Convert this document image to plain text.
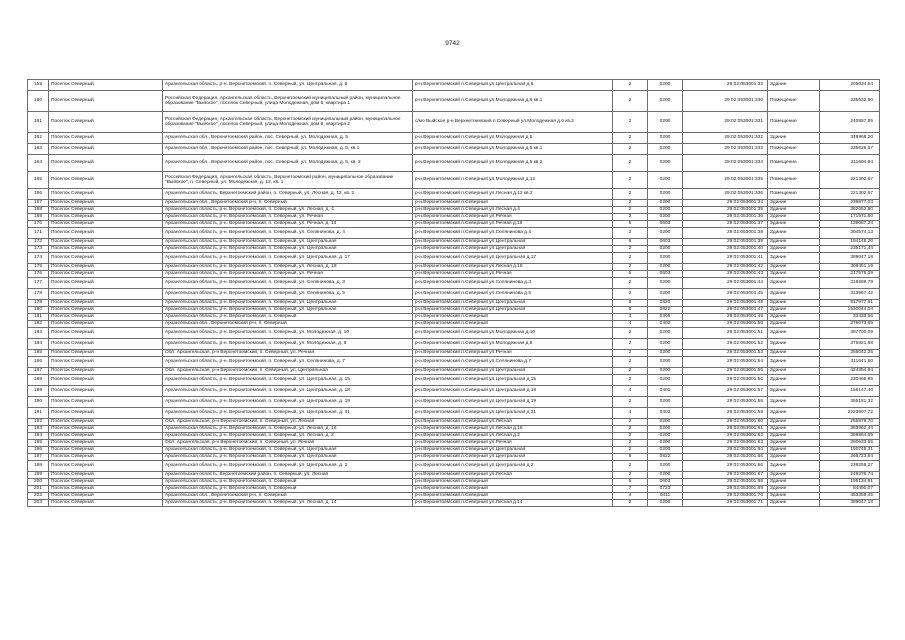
9742
159	Поселок Северный	Архангельская область, р-н. Верхнетоемский, п. Северный, ул. Центральная, д. 6	р-н.Верхнетоемский п.Северный ул.Центральная д.6	2	0200	29:02:053001:33	Здание	205034,54
160	Поселок Северный	Российская Федерация, Архангельская область, Верхнетоемский муниципальный район, муниципальное образование "Выйское", поселок Северный, улица Молодежная, дом 6, квартира 1	р-н.Верхнетоемский п.Северный ул.Молодежная д.6 кв.1	2	0200	29:02:053001:330	Помещение	235632,90
161	Поселок Северный	Российская Федерация, Архангельская область, Верхнетоемский муниципальный район, муниципальное образование "Выйское", поселок Северный, улица Молодежная, дом 6, квартира 2	с/мо Выйское р-н.Верхнетоемский п.Северный ул.Молодежная д.6 кв.2	2	0200	29:02:053001:331	Помещение	240887,85
162	Поселок Северный	Архангельская обл., Верхнетоемский район, пос. Северный, ул. Молодежная, д. 5	р-н.Верхнетоемский п.Северный ул.Молодежная д.5	2	0200	29:02:053001:332	Здание	348968,20
163	Поселок Северный	Архангельская обл., Верхнетоемский район, пос. Северный, ул. Молодежная, д. 5, кв.1	р-н.Верхнетоемский п.Северный ул.Молодежная д.5 кв.1	2	0200	29:02:053001:333	Помещение	235628,57
164	Поселок Северный	Архангельская обл., Верхнетоемский район, пос. Северный, ул. Молодежная, д. 5, кв. 2	р-н.Верхнетоемский п.Северный ул.Молодежная д.5 кв.2	2	0200	29:02:053001:334	Помещение	211604,84
165	Поселок Северный	Российская Федерация, Архангельская область, Верхнетоемский район, муниципальное образование "Выйское", п. Северный, ул. Молодежная, д. 12, кв. 1	р-н.Верхнетоемский п.Северный ул.Молодежная д.12	2	0200	29:02:053001:335	Помещение	221302,67
166	Поселок Северный	Архангельская область, Верхнетоемский район, п. Северный, ул. Лесная, д. 12, кв. 2	р-н.Верхнетоемский п.Северный ул.Лесная д.12 кв.2	2	0200	29:02:053001:336	Помещение	221302,67
167	Поселок Северный	Архангельская обл., Верхнетоемский р-н, п. Северный	р-н.Верхнетоемский п.Северный	2	0200	29:02:053001:34	Здание	239877,03
168	Поселок Северный	Архангельская область, р-н. Верхнетоемский, п. Северный, ул. Лесная, д. 4	р-н.Верхнетоемский п.Северный ул.Лесная д.4	2	0200	29:02:053001:35	Здание	362652,80
169	Поселок Северный	Архангельская область, р-н. Верхнетоемский, п. Северный, ул. Речная	р-н.Верхнетоемский п.Северный ул.Речная	2	0200	29:02:053001:36	Здание	171571,60
170	Поселок Северный	Архангельская область, р-н. Верхнетоемский, п. Северный, ул. Речная, д. 16	р-н.Верхнетоемский п.Северный ул.Речная д.16	6	0603	29:02:053001:37	Здание	139087,24
171	Поселок Северный	Архангельская область, р-н. Верхнетоемский, п. Северный, ул. Селянинова, д. 4	р-н.Верхнетоемский п.Северный ул.Селянинова д.4	2	0200	29:02:053001:38	Здание	304574,13
172	Поселок Северный	Архангельская область, р-н. Верхнетоемский, п. Северный, ул. Центральная	р-н.Верхнетоемский п.Северный ул.Центральная	6	0603	29:02:053001:39	Здание	194148,20
173	Поселок Северный	Архангельская область, р-н. Верхнетоемский, п. Северный, ул. Центральная	р-н.Верхнетоемский п.Северный ул.Центральная	2	0200	29:02:053001:40	Здание	235171,44
174	Поселок Северный	Архангельская область, р-н. Верхнетоемский, п. Северный, ул. Центральная, д. 17	р-н.Верхнетоемский п.Северный ул.Центральная д.17	2	0200	29:02:053001:41	Здание	389047,18
175	Поселок Северный	Архангельская область, р-н. Верхнетоемский, п. Северный, ул. Лесная, д. 18	р-н.Верхнетоемский п.Северный ул.Лесная д.18	2	0200	29:02:053001:42	Здание	366451,19
176	Поселок Северный	Архангельская область, р-н. Верхнетоемский, п. Северный, ул. Речная	р-н.Верхнетоемский п.Северный ул.Речная	6	0603	29:02:053001:43	Здание	217575,09
177	Поселок Северный	Архангельская область, р-н. Верхнетоемский, п. Северный, ул. Селянинова, д. 3	р-н.Верхнетоемский п.Северный ул.Селянинова д.3	2	0200	29:02:053001:44	Здание	316689,79
178	Поселок Северный	Архангельская область, р-н. Верхнетоемский, п. Северный, ул. Селянинова, д. 5	р-н.Верхнетоемский п.Северный ул.Селянинова д.5	2	0200	29:02:053001:45	Здание	313967,42
179	Поселок Северный	Архангельская область, р-н. Верхнетоемский, п. Северный, ул. Центральная	р-н.Верхнетоемский п.Северный ул.Центральная	8	0820	29:02:053001:48	Здание	817977,61
180	Поселок Северный	Архангельская область, р-н. Верхнетоемский, п. Северный, ул. Центральная	р-н.Верхнетоемский п.Северный ул.Центральная	8	0822	29:02:053001:47	Здание	1530044,04
181	Поселок Северный	Архангельская область, р-н. Верхнетоемский, п. Северный	р-н.Верхнетоемский п.Северный	3	0305	29:02:053001:49	Здание	33433,56
182	Поселок Северный	Архангельская обл., Верхнетоемский р-н, п. Северный	р-н.Верхнетоемский п.Северный	4	0402	29:02:053001:50	Здание	276073,65
183	Поселок Северный	Архангельская область, р-н. Верхнетоемский, п. Северный, ул. Молодежная, д. 10	р-н.Верхнетоемский п.Северный ул.Молодежная д.10	2	0200	29:02:053001:51	Здание	387700,09
184	Поселок Северный	Архангельская область, р-н. Верхнетоемский, п. Северный, ул. Молодежная, д. 8	р-н.Верхнетоемский п.Северный ул.Молодежная д.8	2	0200	29:02:053001:52	Здание	375921,88
185	Поселок Северный	Обл. Архангельская, р-н Верхнетоемский, п. Северный, ул. Речная	р-н.Верхнетоемский п.Северный ул.Речная	2	0200	29:02:053001:53	Здание	356042,25
186	Поселок Северный	Архангельская область, р-н. Верхнетоемский, п. Северный, ул. Селянинова, д. 7	р-н.Верхнетоемский п.Северный ул.Селянинова д.7	2	0200	29:02:053001:54	Здание	311641,60
187	Поселок Северный	Обл. Архангельская, р-н Верхнетоемский, п. Северный, ул. Центральная	р-н.Верхнетоемский п.Северный ул.Центральная	2	0200	29:02:053001:55	Здание	424354,84
188	Поселок Северный	Архангельская область, р-н. Верхнетоемский, п. Северный, ул. Центральная, д. 15	р-н.Верхнетоемский п.Северный ул.Центральная д.15	2	0200	29:02:053001:56	Здание	230465,85
189	Поселок Северный	Архангельская область, р-н. Верхнетоемский, п. Северный, ул. Центральная, д. 18	р-н.Верхнетоемский п.Северный ул.Центральная д.18	4	0401	29:02:053001:57	Здание	156147,40
190	Поселок Северный	Архангельская область, р-н. Верхнетоемский, п. Северный, ул. Центральная, д. 19	р-н.Верхнетоемский п.Северный ул.Центральная д.19	2	0200	29:02:053001:58	Здание	365181,32
191	Поселок Северный	Архангельская область, р-н. Верхнетоемский, п. Северный, ул. Центральная, д. 31	р-н.Верхнетоемский п.Северный ул.Центральная д.31	4	0402	29:02:053001:59	Здание	2223607,72
192	Поселок Северный	Обл. Архангельская, р-н Верхнетоемский, п. Северный, ул. Лесная	р-н.Верхнетоемский п.Северный ул.Лесная	2	0200	29:02:053001:60	Здание	256878,70
193	Поселок Северный	Архангельская область, р-н. Верхнетоемский, п. Северный, ул. Лесная, д. 16	р-н.Верхнетоемский п.Северный ул.Лесная д.16	2	0200	29:02:053001:61	Здание	363962,44
194	Поселок Северный	Архангельская область, р-н. Верхнетоемский, п. Северный, ул. Лесная, д. 2	р-н.Верхнетоемский п.Северный ул.Лесная д.2	2	0200	29:02:053001:62	Здание	369864,55
195	Поселок Северный	Обл. Архангельская, р-н Верхнетоемский, п. Северный, ул. Речная	р-н.Верхнетоемский п.Северный ул.Речная	2	0200	29:02:053001:63	Здание	260633,55
196	Поселок Северный	Архангельская область, р-н. Верхнетоемский, п. Северный, ул. Центральная	р-н.Верхнетоемский п.Северный ул.Центральная	2	0200	29:02:053001:64	Здание	150745,31
197	Поселок Северный	Архангельская область, р-н. Верхнетоемский, п. Северный, ул. Центральная	р-н.Верхнетоемский п.Северный ул.Центральная	8	0822	29:02:053001:65	Здание	266723,64
198	Поселок Северный	Архангельская область, р-н. Верхнетоемский, п. Северный, ул. Центральная, д. 2	р-н.Верхнетоемский п.Северный ул.Центральная д.2	2	0200	29:02:053001:66	Здание	238259,27
199	Поселок Северный	Архангельская область, Верхнетоемский район, п. Северный, ул. Лесная	р-н.Верхнетоемский п.Северный ул.Лесная	2	0200	29:02:053001:67	Здание	249276,74
200	Поселок Северный	Архангельская область, р-н. Верхнетоемский, п. Северный	р-н.Верхнетоемский п.Северный	6	0603	29:02:053001:68	Здание	195134,61
201	Поселок Северный	Архангельская область, р-н. Верхнетоемский, п. Северный	р-н.Верхнетоемский п.Северный	7	0723	29:02:053001:69	Здание	84490,07
202	Поселок Северный	Архангельская обл., Верхнетоемский р-н, п. Северный	р-н.Верхнетоемский п.Северный	4	0411	29:02:053001:70	Здание	453359,45
203	Поселок Северный	Архангельская область, р-н. Верхнетоемский, п. Северный, ул. Лесная, д. 14	р-н.Верхнетоемский п.Северный ул.Лесная д.14	2	0200	29:02:053001:71	Здание	389047,18
